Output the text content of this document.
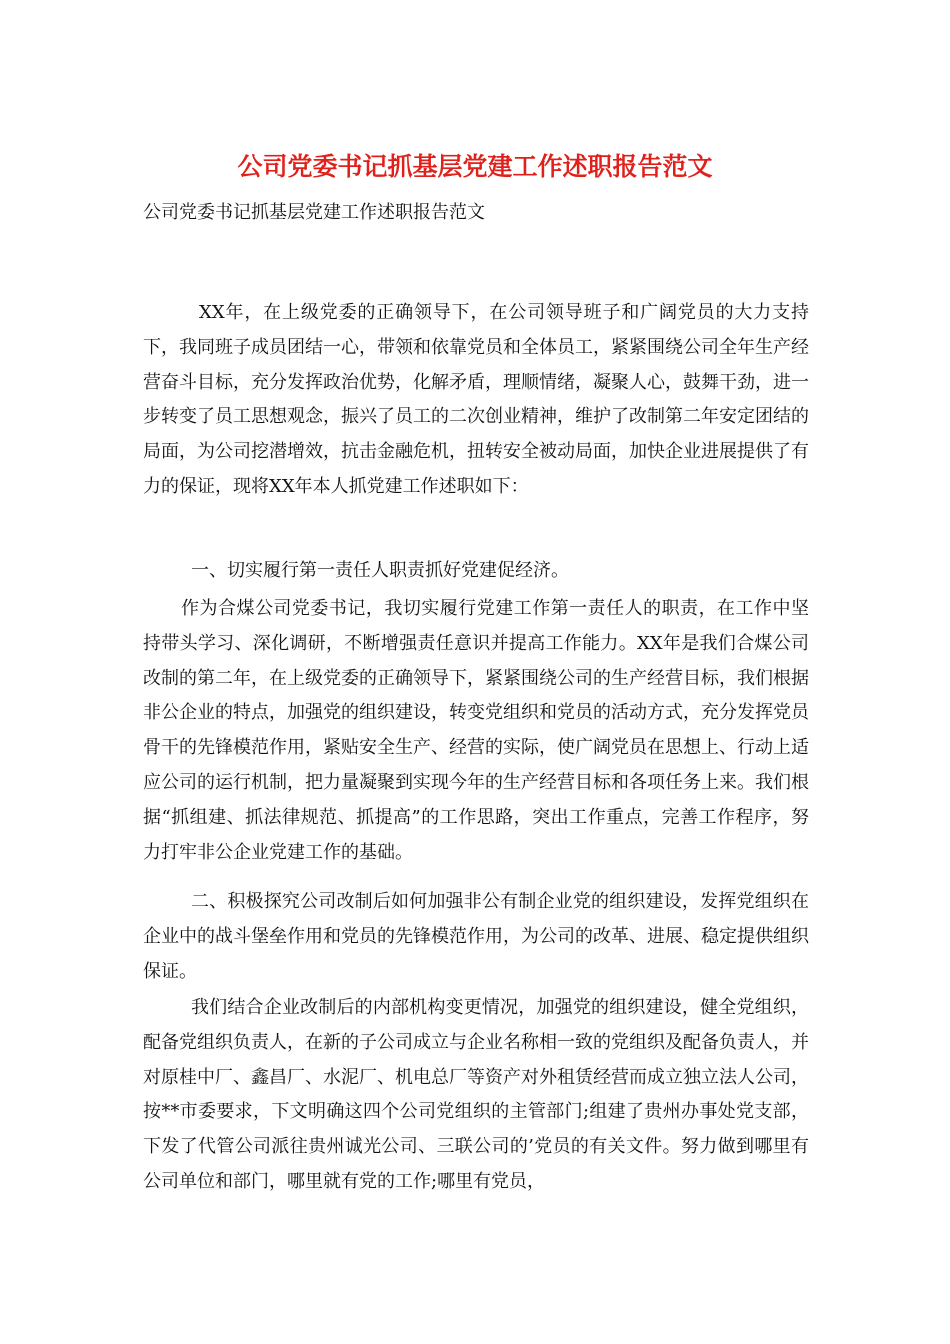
公司党委书记抓基层党建工作述职报告范文

公司党委书记抓基层党建工作述职报告范文

XX年，在上级党委的正确领导下，在公司领导班子和广阔党员的大力支持下，我同班子成员团结一心，带领和依靠党员和全体员工，紧紧围绕公司全年生产经营奋斗目标，充分发挥政治优势，化解矛盾，理顺情绪，凝聚人心，鼓舞干劲，进一步转变了员工思想观念，振兴了员工的二次创业精神，维护了改制第二年安定团结的局面，为公司挖潜增效，抗击金融危机，扭转安全被动局面，加快企业进展提供了有力的保证，现将XX年本人抓党建工作述职如下：

一、切实履行第一责任人职责抓好党建促经济。

作为合煤公司党委书记，我切实履行党建工作第一责任人的职责，在工作中坚持带头学习、深化调研，不断增强责任意识并提高工作能力。XX年是我们合煤公司改制的第二年，在上级党委的正确领导下，紧紧围绕公司的生产经营目标，我们根据非公企业的特点，加强党的组织建设，转变党组织和党员的活动方式，充分发挥党员骨干的先锋模范作用，紧贴安全生产、经营的实际，使广阔党员在思想上、行动上适应公司的运行机制，把力量凝聚到实现今年的生产经营目标和各项任务上来。我们根据“抓组建、抓法律规范、抓提高”的工作思路，突出工作重点，完善工作程序，努力打牢非公企业党建工作的基础。

二、积极探究公司改制后如何加强非公有制企业党的组织建设，发挥党组织在企业中的战斗堡垒作用和党员的先锋模范作用，为公司的改革、进展、稳定提供组织保证。

我们结合企业改制后的内部机构变更情况，加强党的组织建设，健全党组织，配备党组织负责人，在新的子公司成立与企业名称相一致的党组织及配备负责人，并对原桂中厂、鑫昌厂、水泥厂、机电总厂等资产对外租赁经营而成立独立法人公司，按**市委要求，下文明确这四个公司党组织的主管部门;组建了贵州办事处党支部，下发了代管公司派往贵州诚光公司、三联公司的’党员的有关文件。努力做到哪里有公司单位和部门，哪里就有党的工作;哪里有党员，
